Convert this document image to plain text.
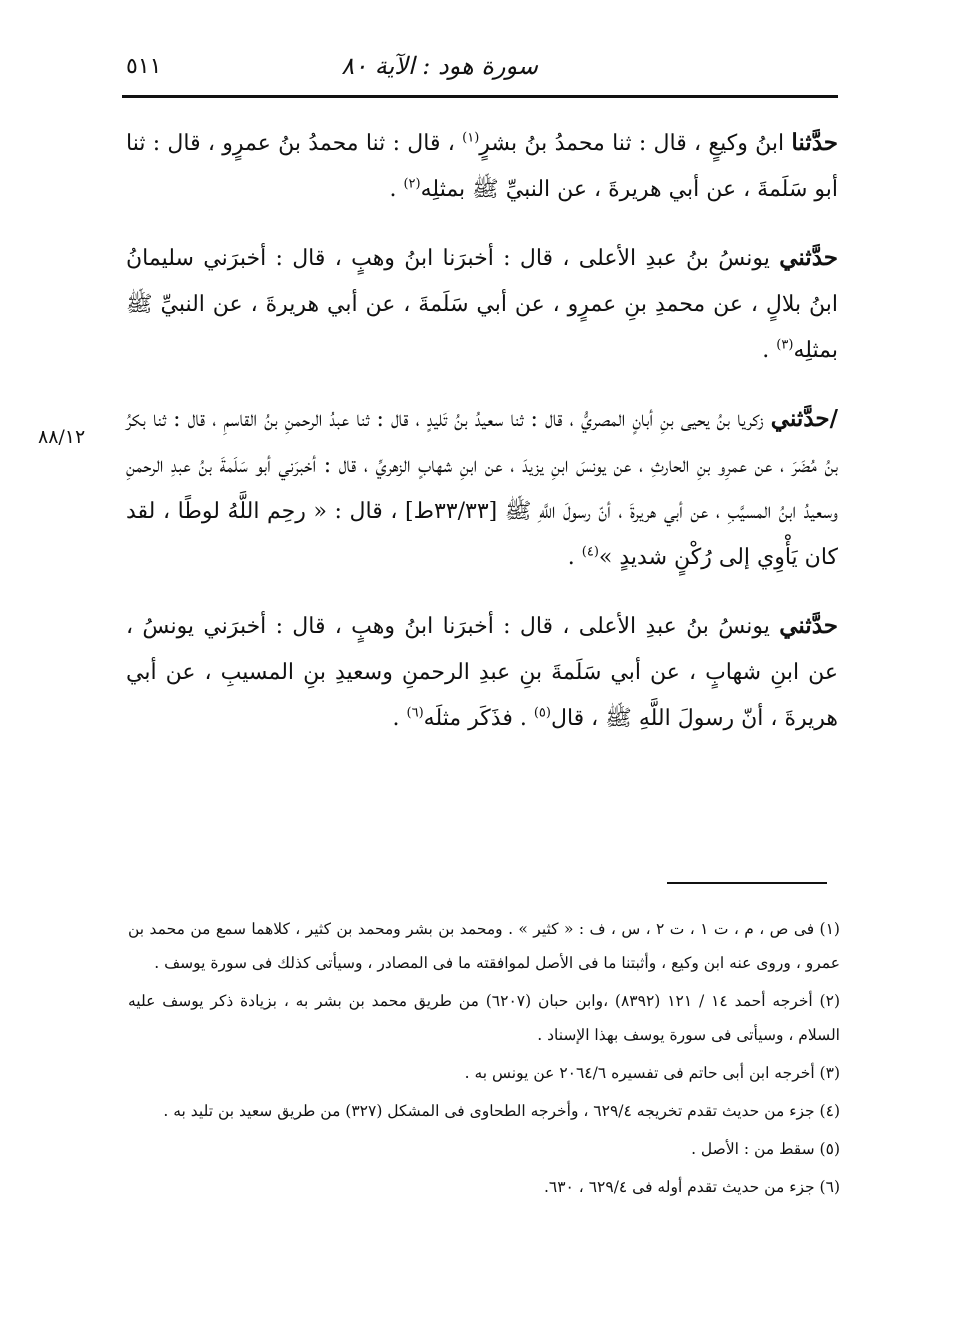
سورة هود : الآية ٨٠
٥١١
٨٨/١٢

حدَّثنا ابنُ وكيعٍ ، قال : ثنا محمدُ بنُ بشرٍ$^{(١)}$ ، قال : ثنا محمدُ بنُ عمرٍو ، قال : ثنا أبو سَلَمةَ ، عن أبي هريرةَ ، عن النبيِّ ﷺ بمثلِه$^{(٢)}$ .

حدَّثني يونسُ بنُ عبدِ الأعلى ، قال : أخبرَنا ابنُ وهبٍ ، قال : أخبرَني سليمانُ ابنُ بلالٍ ، عن محمدِ بنِ عمرٍو ، عن أبي سَلَمةَ ، عن أبي هريرةَ ، عن النبيِّ ﷺ بمثلِه$^{(٣)}$ .

/حدَّثني زكريا بنُ يحيى بنِ أبانٍ المصريُّ ، قال : ثنا سعيدُ بنُ تَليدٍ ، قال : ثنا عبدُ الرحمنِ بنُ القاسمِ ، قال : ثنا بكرُ بنُ مُضَرَ ، عن عمرِو بنِ الحارثِ ، عن يونسَ ابنِ يزيدَ ، عن ابنِ شهابٍ الزهريِّ ، قال : أخبرَني أبو سَلَمةَ بنُ عبدِ الرحمنِ وسعيدُ ابنُ المسيَّبِ ، عن أبي هريرةَ ، أنّ رسولَ اللَّهِ ﷺ [٣٣/٣٣ط] ، قال : « رحِم اللَّهُ لوطًا ، لقد كان يَأْوِي إلى رُكْنٍ شديدٍ »$^{(٤)}$ .

حدَّثني يونسُ بنُ عبدِ الأعلى ، قال : أخبرَنا ابنُ وهبٍ ، قال : أخبرَني يونسُ ، عن ابنِ شهابٍ ، عن أبي سَلَمةَ بنِ عبدِ الرحمنِ وسعيدِ بنِ المسيبِ ، عن أبي هريرةَ ، أنّ رسولَ اللَّهِ ﷺ ، قال$^{(٥)}$ . فذَكَر مثلَه$^{(٦)}$ .

(١) فى ص ، م ، ت ١ ، ت ٢ ، س ، ف : « كثير » . ومحمد بن بشر ومحمد بن كثير ، كلاهما سمع من محمد بن عمرو ، وروى عنه ابن وكيع ، وأثبتنا ما فى الأصل لموافقته ما فى المصادر ، وسيأتى كذلك فى سورة يوسف .

(٢) أخرجه أحمد ١٤ / ١٢١ (٨٣٩٢) ،وابن حبان (٦٢٠٧) من طريق محمد بن بشر به ، بزيادة ذكر يوسف عليه السلام ، وسيأتى فى سورة يوسف بهذا الإسناد .

(٣) أخرجه ابن أبى حاتم فى تفسيره ٢٠٦٤/٦ عن يونس به .

(٤) جزء من حديث تقدم تخريجه ٦٢٩/٤ ، وأخرجه الطحاوى فى المشكل (٣٢٧) من طريق سعيد بن تليد به .

(٥) سقط من : الأصل .

(٦) جزء من حديث تقدم أوله فى ٦٢٩/٤ ، ٦٣٠.
